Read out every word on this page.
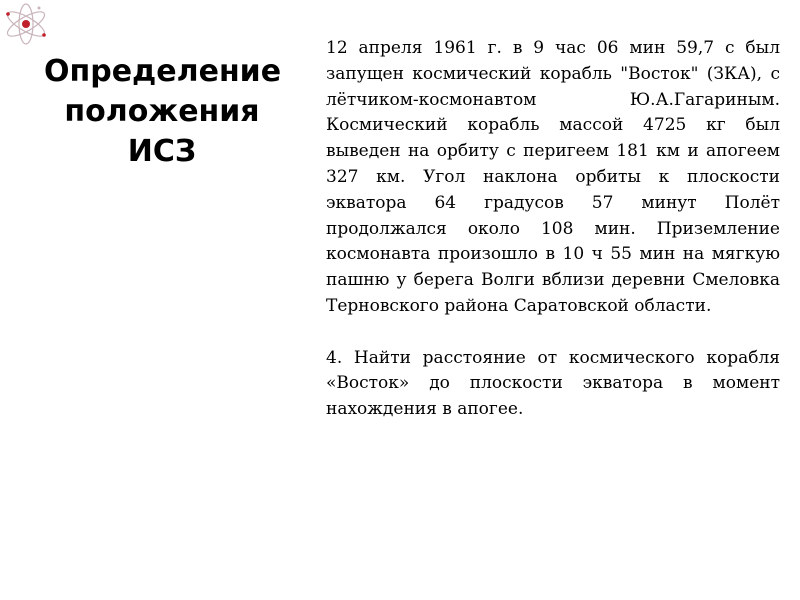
Определение
положения
ИСЗ

12 апреля 1961 г. в 9 час 06 мин 59,7 с был запущен космический корабль "Восток" (ЗКА), с лётчиком-космонавтом Ю.А.Гагариным. Космический корабль массой 4725 кг был выведен на орбиту с перигеем 181 км и апогеем 327 км. Угол наклона орбиты к плоскости экватора 64 градусов 57 минут Полёт продолжался около 108 мин. Приземление космонавта произошло в 10 ч 55 мин на мягкую пашню у берега Волги вблизи деревни Смеловка Терновского района Саратовской области.

4. Найти расстояние от космического корабля «Восток» до плоскости экватора в момент нахождения в апогее.
